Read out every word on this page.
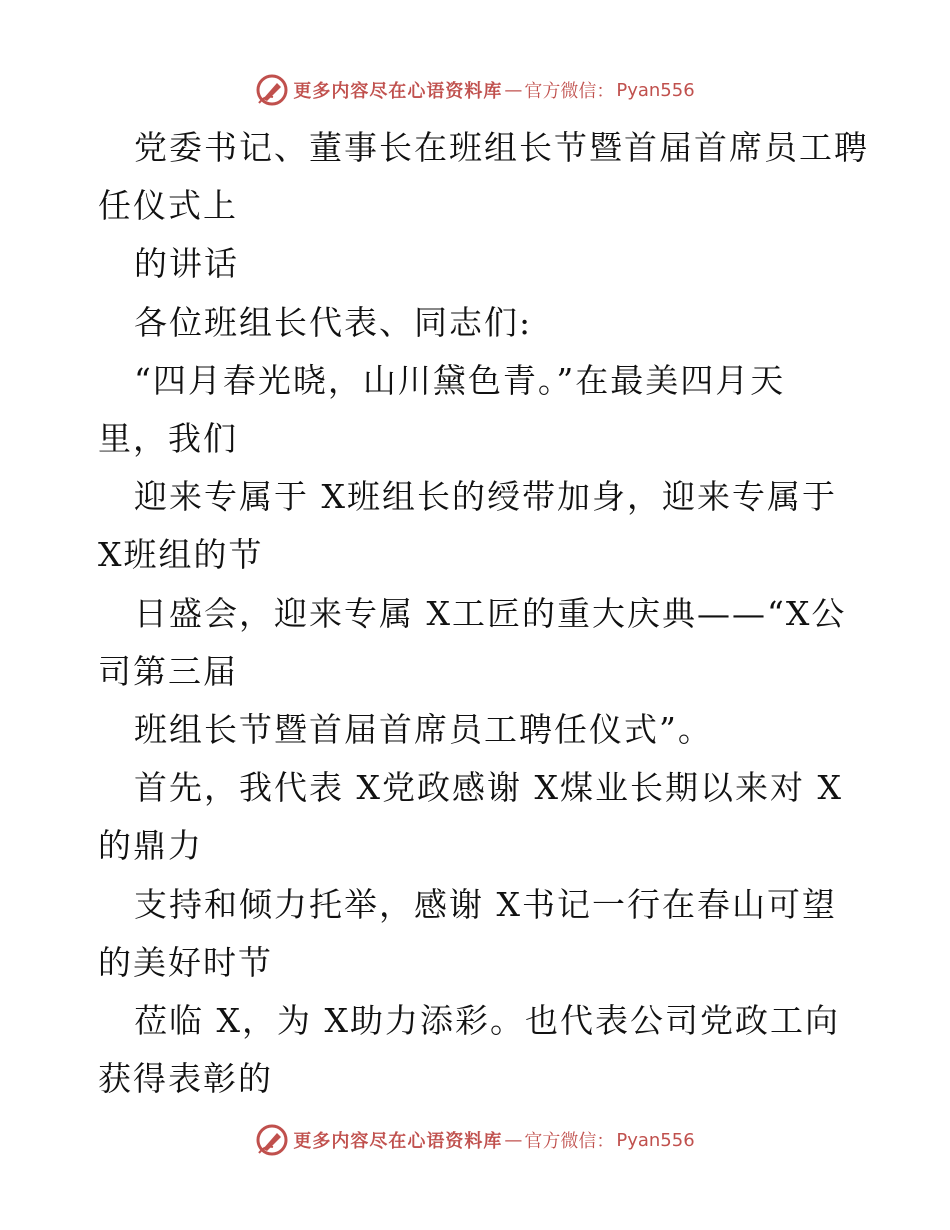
更多内容尽在心语资料库 — 官方微信： Pyan556
党委书记、董事长在班组长节暨首届首席员工聘
任仪式上
的讲话
各位班组长代表、同志们:
“四月春光晓，山川黛色青。”在最美四月天
里，我们
迎来专属于 X班组长的绶带加身，迎来专属于
X班组的节
日盛会，迎来专属 X工匠的重大庆典——“X公
司第三届
班组长节暨首届首席员工聘任仪式”。
首先，我代表 X党政感谢 X煤业长期以来对 X
的鼎力
支持和倾力托举，感谢 X书记一行在春山可望
的美好时节
莅临 X，为 X助力添彩。也代表公司党政工向
获得表彰的
更多内容尽在心语资料库 — 官方微信： Pyan556
